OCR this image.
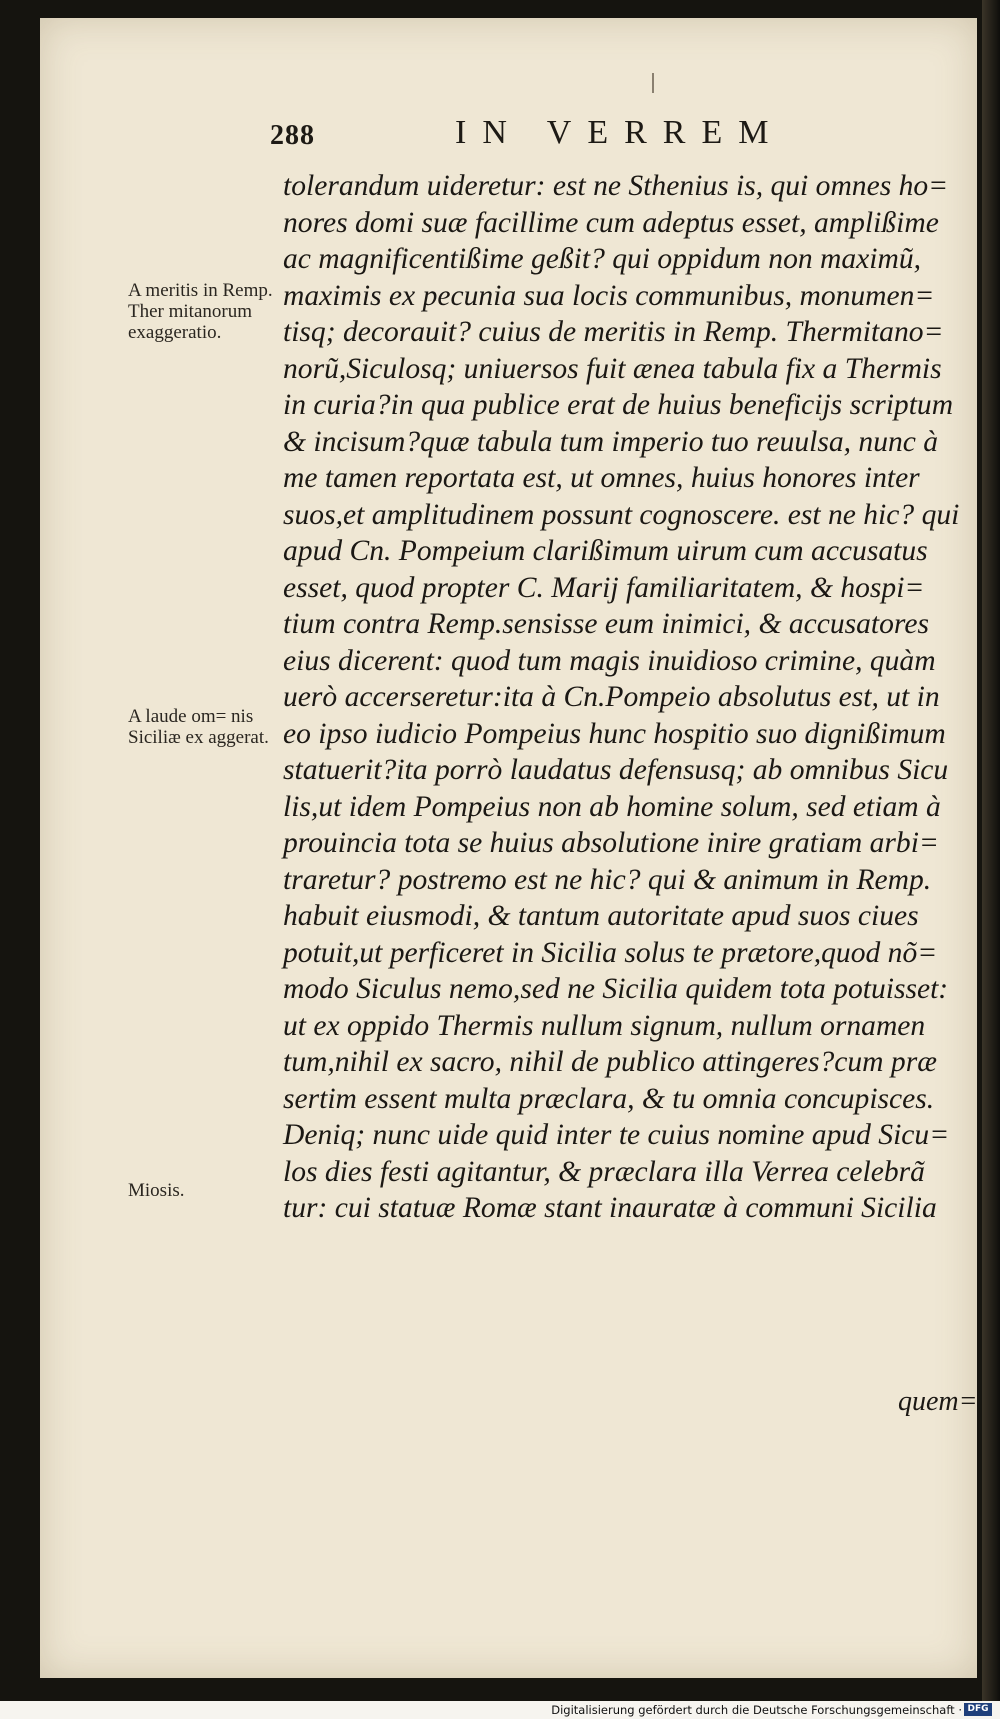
288	IN VERREM
A meritis in Remp. Ther mitanorum exaggeratio.
A laude om= nis Siciliæ ex aggerat.
Miosis.
tolerandum uideretur: est ne Sthenius is, qui omnes ho=
nores domi suæ facillime cum adeptus esset, amplißime
ac magnificentißime geßit? qui oppidum non maximũ,
maximis ex pecunia sua locis communibus, monumen=
tisq; decorauit? cuius de meritis in Remp. Thermitano=
norũ,Siculosq; uniuersos fuit ænea tabula fix a Thermis
in curia?in qua publice erat de huius beneficijs scriptum
& incisum?quæ tabula tum imperio tuo reuulsa, nunc à
me tamen reportata est, ut omnes, huius honores inter
suos,et amplitudinem possunt cognoscere. est ne hic? qui
apud Cn. Pompeium clarißimum uirum cum accusatus
esset, quod propter C. Marij familiaritatem, & hospi=
tium contra Remp.sensisse eum inimici, & accusatores
eius dicerent: quod tum magis inuidioso crimine, quàm
uerò accerseretur:ita à Cn.Pompeio absolutus est, ut in
eo ipso iudicio Pompeius hunc hospitio suo dignißimum
statuerit?ita porrò laudatus defensusq; ab omnibus Sicu
lis,ut idem Pompeius non ab homine solum, sed etiam à
prouincia tota se huius absolutione inire gratiam arbi=
traretur? postremo est ne hic? qui & animum in Remp.
habuit eiusmodi, & tantum autoritate apud suos ciues
potuit,ut perficeret in Sicilia solus te prætore,quod nõ=
modo Siculus nemo,sed ne Sicilia quidem tota potuisset:
ut ex oppido Thermis nullum signum, nullum ornamen
tum,nihil ex sacro, nihil de publico attingeres?cum præ
sertim essent multa præclara, & tu omnia concupisces.
Deniq; nunc uide quid inter te cuius nomine apud Sicu=
los dies festi agitantur, & præclara illa Verrea celebrã
tur: cui statuæ Romæ stant inauratæ à communi Sicilia
quem=
Digitalisierung gefördert durch die Deutsche Forschungsgemeinschaft · DFG
